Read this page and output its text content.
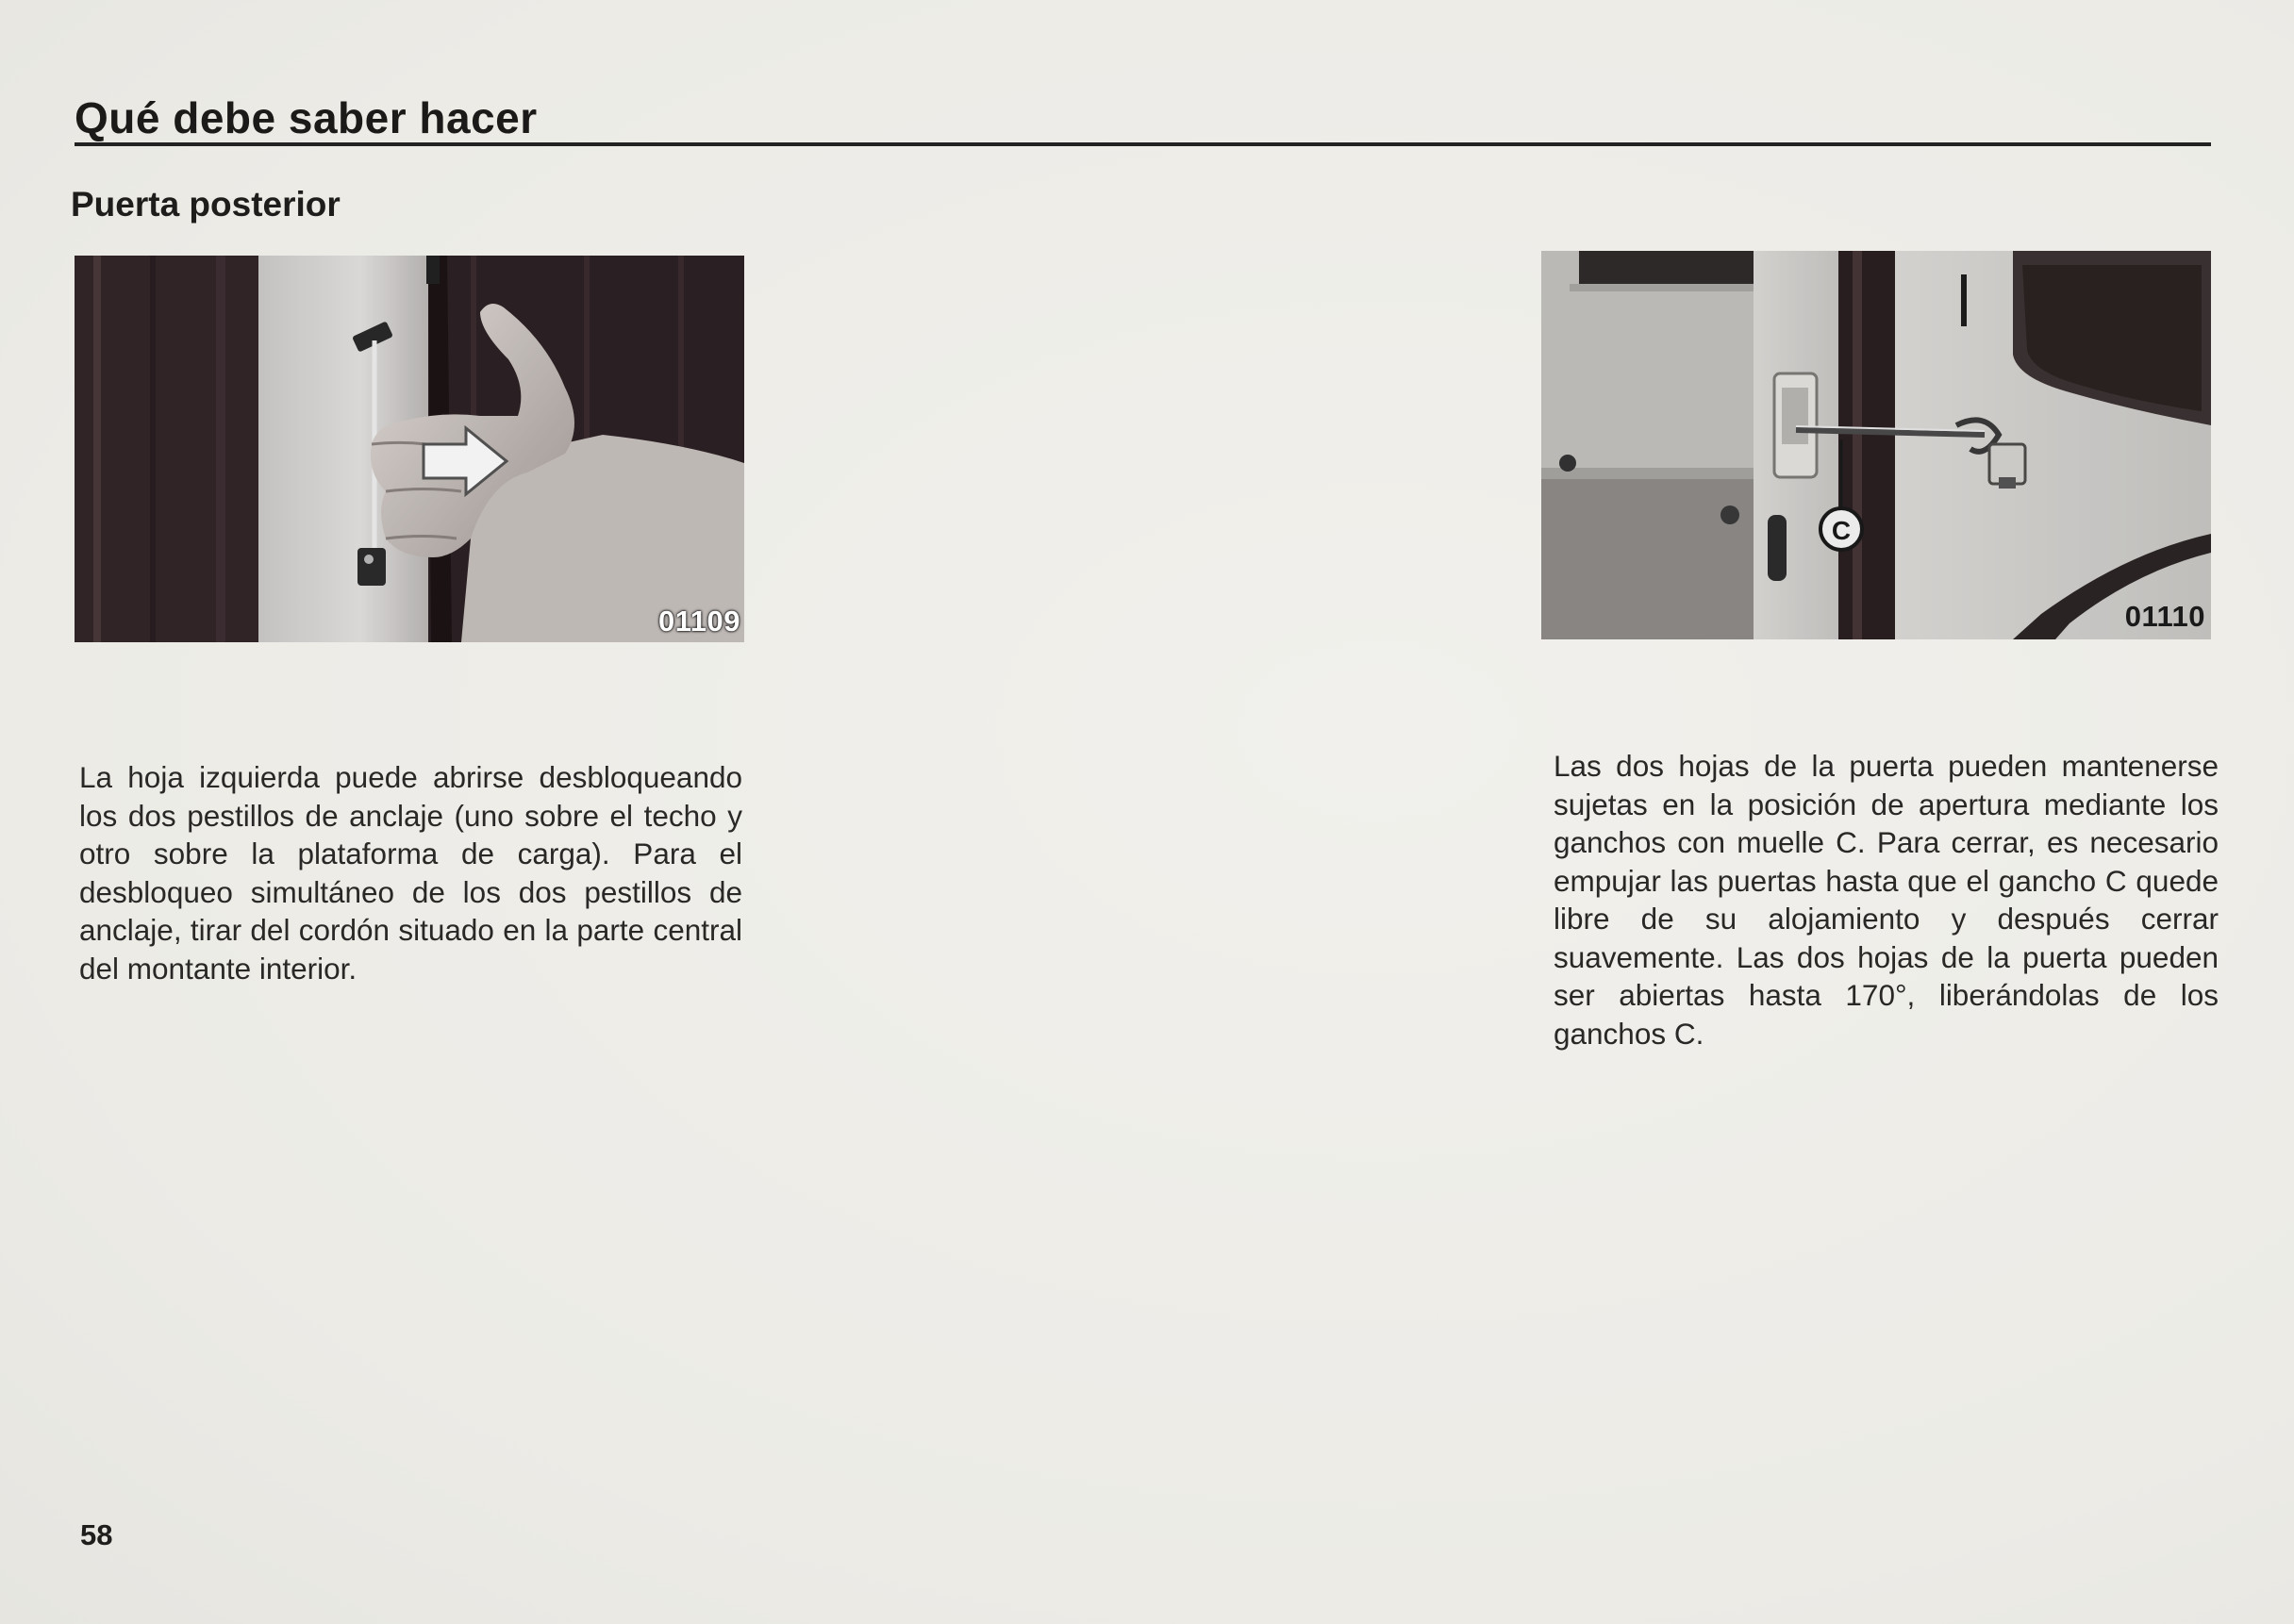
Qué debe saber hacer
Puerta posterior
01109
C
01110
La hoja izquierda puede abrirse desbloqueando los dos pestillos de anclaje (uno sobre el techo y otro sobre la plataforma de carga). Para el desbloqueo simultáneo de los dos pestillos de anclaje, tirar del cordón situado en la parte central del montante interior.
Las dos hojas de la puerta pueden mantenerse sujetas en la posición de apertura mediante los ganchos con muelle C. Para cerrar, es necesario empujar las puertas hasta que el gancho C quede libre de su alojamiento y después cerrar suavemente. Las dos hojas de la puerta pueden ser abiertas hasta 170°, liberándolas de los ganchos C.
58
